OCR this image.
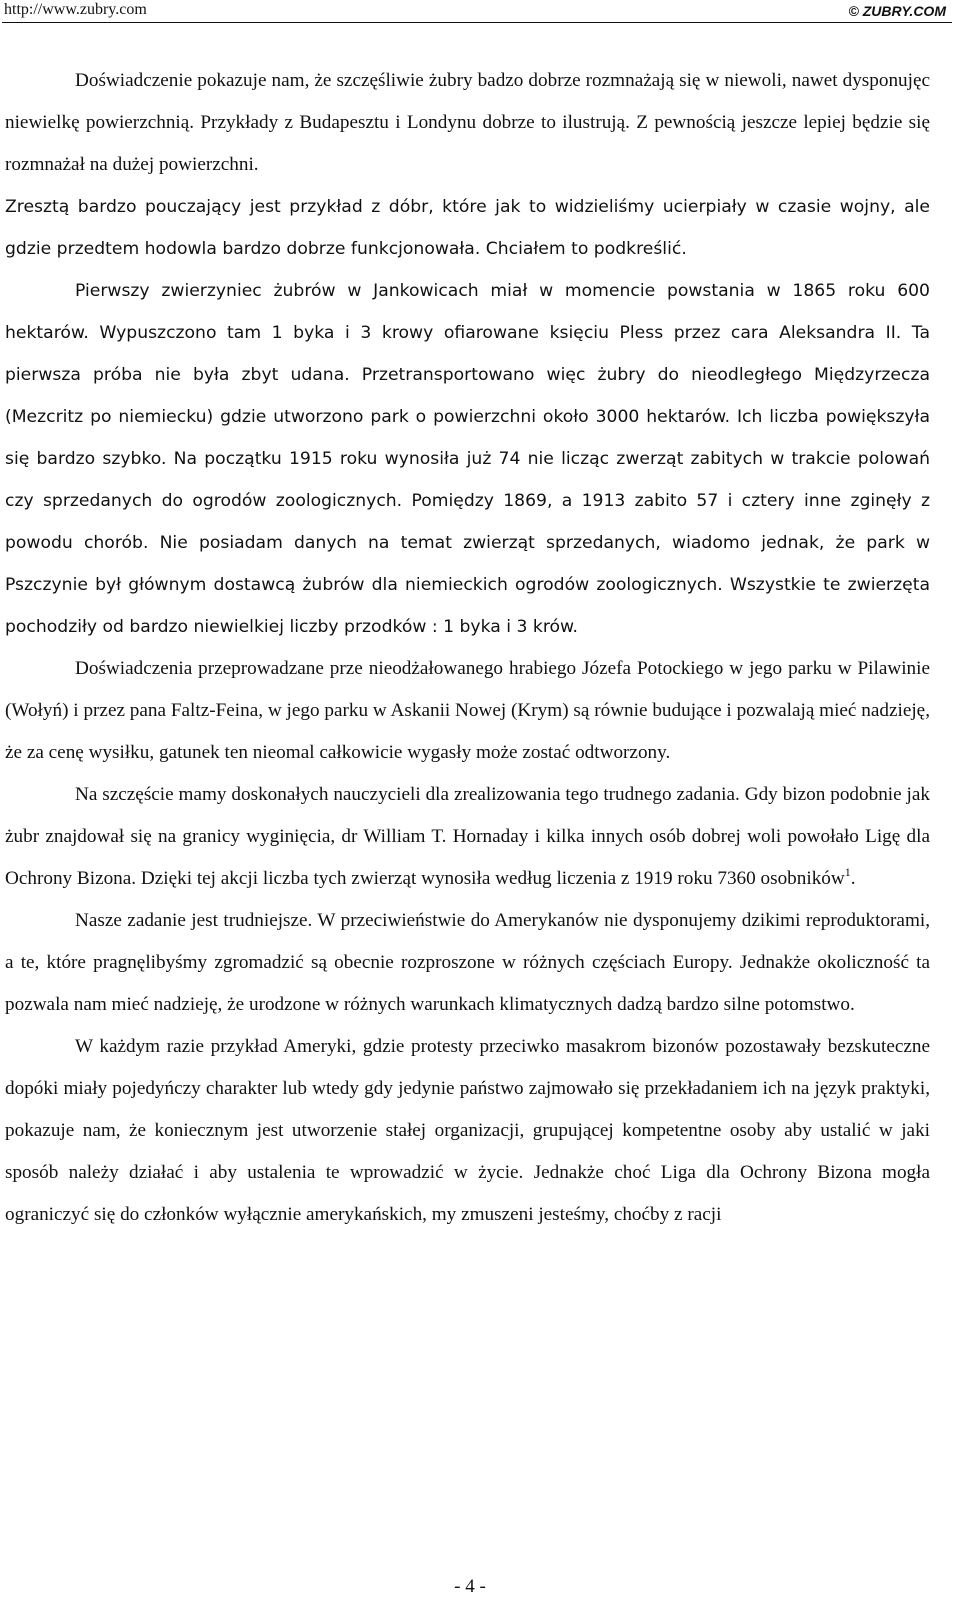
http://www.zubry.com	© ZUBRY.COM

Doświadczenie pokazuje nam, że szczęśliwie żubry badzo dobrze rozmnażają się w niewoli, nawet dysponujęc niewielkę powierzchnią. Przykłady z Budapesztu i Londynu dobrze to ilustrują. Z pewnością jeszcze lepiej będzie się rozmnażał na dużej powierzchni.

Zresztą bardzo pouczający jest przykład z dóbr, które jak to widzieliśmy ucierpiały w czasie wojny, ale gdzie przedtem hodowla bardzo dobrze funkcjonowała. Chciałem to podkreślić.

Pierwszy zwierzyniec żubrów w Jankowicach miał w momencie powstania w 1865 roku 600 hektarów. Wypuszczono tam 1 byka i 3 krowy ofiarowane księciu Pless przez cara Aleksandra II. Ta pierwsza próba nie była zbyt udana. Przetransportowano więc żubry do nieodległego Międzyrzecza (Mezcritz po niemiecku) gdzie utworzono park o powierzchni około 3000 hektarów. Ich liczba powiększyła się bardzo szybko. Na początku 1915 roku wynosiła już 74 nie licząc zwerząt zabitych w trakcie polowań czy sprzedanych do ogrodów zoologicznych. Pomiędzy 1869, a 1913 zabito 57 i cztery inne zginęły z powodu chorób. Nie posiadam danych na temat zwierząt sprzedanych, wiadomo jednak, że park w Pszczynie był głównym dostawcą żubrów dla niemieckich ogrodów zoologicznych. Wszystkie te zwierzęta pochodziły od bardzo niewielkiej liczby przodków : 1 byka i 3 krów.

Doświadczenia przeprowadzane prze nieodżałowanego hrabiego Józefa Potockiego w jego parku w Pilawinie (Wołyń) i przez pana Faltz-Feina, w jego parku w Askanii Nowej (Krym) są równie budujące i pozwalają mieć nadzieję, że za cenę wysiłku, gatunek ten nieomal całkowicie wygasły może zostać odtworzony.

Na szczęście mamy doskonałych nauczycieli dla zrealizowania tego trudnego zadania. Gdy bizon podobnie jak żubr znajdował się na granicy wyginięcia, dr William T. Hornaday i kilka innych osób dobrej woli powołało Ligę dla Ochrony Bizona. Dzięki tej akcji liczba tych zwierząt wynosiła według liczenia z 1919 roku 7360 osobników$^1$.

Nasze zadanie jest trudniejsze. W przeciwieństwie do Amerykanów nie dysponujemy dzikimi reproduktorami, a te, które pragnęlibyśmy zgromadzić są obecnie rozproszone w różnych częściach Europy. Jednakże okoliczność ta pozwala nam mieć nadzieję, że urodzone w różnych warunkach klimatycznych dadzą bardzo silne potomstwo.

W każdym razie przykład Ameryki, gdzie protesty przeciwko masakrom bizonów pozostawały bezskuteczne dopóki miały pojedyńczy charakter lub wtedy gdy jedynie państwo zajmowało się przekładaniem ich na język praktyki, pokazuje nam, że koniecznym jest utworzenie stałej organizacji, grupującej kompetentne osoby aby ustalić w jaki sposób należy działać i aby ustalenia te wprowadzić w życie. Jednakże choć Liga dla Ochrony Bizona mogła ograniczyć się do członków wyłącznie amerykańskich, my zmuszeni jesteśmy, choćby z racji

- 4 -
